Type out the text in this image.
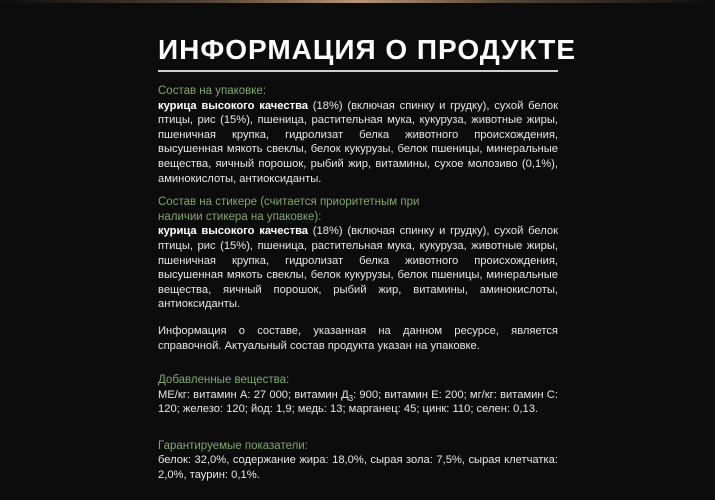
ИНФОРМАЦИЯ О ПРОДУКТЕ
Состав на упаковке:
курица высокого качества (18%) (включая спинку и грудку), сухой белок птицы, рис (15%), пшеница, растительная мука, кукуруза, животные жиры, пшеничная крупка, гидролизат белка животного происхождения, высушенная мякоть свеклы, белок кукурузы, белок пшеницы, минеральные вещества, яичный порошок, рыбий жир, витамины, сухое молозиво (0,1%), аминокислоты, антиоксиданты.
Состав на стикере (считается приоритетным при наличии стикера на упаковке):
курица высокого качества (18%) (включая спинку и грудку), сухой белок птицы, рис (15%), пшеница, растительная мука, кукуруза, животные жиры, пшеничная крупка, гидролизат белка животного происхождения, высушенная мякоть свеклы, белок кукурузы, белок пшеницы, минеральные вещества, яичный порошок, рыбий жир, витамины, аминокислоты, антиоксиданты.
Информация о составе, указанная на данном ресурсе, является справочной. Актуальный состав продукта указан на упаковке.
Добавленные вещества:
МЕ/кг: витамин А: 27 000; витамин $Д_3$: 900; витамин Е: 200; мг/кг: витамин С: 120; железо: 120; йод: 1,9; медь: 13; марганец: 45; цинк: 110; селен: 0,13.
Гарантируемые показатели:
белок: 32,0%, содержание жира: 18,0%, сырая зола: 7,5%, сырая клетчатка: 2,0%, таурин: 0,1%.
